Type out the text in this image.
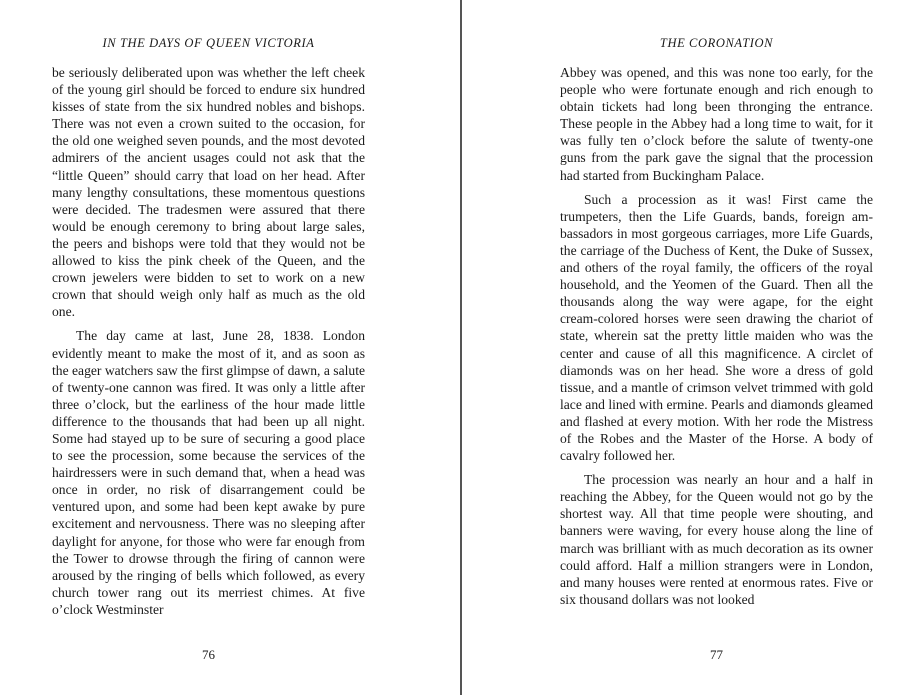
IN THE DAYS OF QUEEN VICTORIA

be seriously deliberated upon was whether the left cheek of the young girl should be forced to endure six hundred kisses of state from the six hundred nobles and bishops. There was not even a crown suited to the occasion, for the old one weighed seven pounds, and the most devoted admirers of the ancient usages could not ask that the “little Queen” should carry that load on her head. After many lengthy consultations, these momentous questions were decided. The tradesmen were assured that there would be enough ceremony to bring about large sales, the peers and bishops were told that they would not be allowed to kiss the pink cheek of the Queen, and the crown jewelers were bidden to set to work on a new crown that should weigh only half as much as the old one.

The day came at last, June 28, 1838. London evidently meant to make the most of it, and as soon as the eager watchers saw the first glimpse of dawn, a salute of twenty-one cannon was fired. It was only a little after three o’clock, but the earliness of the hour made little difference to the thousands that had been up all night. Some had stayed up to be sure of securing a good place to see the procession, some because the services of the hairdressers were in such demand that, when a head was once in order, no risk of disarrangement could be ventured upon, and some had been kept awake by pure excitement and nervousness. There was no sleeping after daylight for anyone, for those who were far enough from the Tower to drowse through the firing of cannon were aroused by the ringing of bells which followed, as every church tower rang out its merriest chimes. At five o’clock Westminster

76
THE CORONATION

Abbey was opened, and this was none too early, for the people who were fortunate enough and rich enough to obtain tickets had long been thronging the entrance. These people in the Abbey had a long time to wait, for it was fully ten o’clock before the salute of twenty-one guns from the park gave the signal that the procession had started from Buckingham Palace.

Such a procession as it was! First came the trumpeters, then the Life Guards, bands, foreign ambassadors in most gorgeous carriages, more Life Guards, the carriage of the Duchess of Kent, the Duke of Sussex, and others of the royal family, the officers of the royal household, and the Yeomen of the Guard. Then all the thousands along the way were agape, for the eight cream-colored horses were seen drawing the chariot of state, wherein sat the pretty little maiden who was the center and cause of all this magnificence. A circlet of diamonds was on her head. She wore a dress of gold tissue, and a mantle of crimson velvet trimmed with gold lace and lined with ermine. Pearls and diamonds gleamed and flashed at every motion. With her rode the Mistress of the Robes and the Master of the Horse. A body of cavalry followed her.

The procession was nearly an hour and a half in reaching the Abbey, for the Queen would not go by the shortest way. All that time people were shouting, and banners were waving, for every house along the line of march was brilliant with as much decoration as its owner could afford. Half a million strangers were in London, and many houses were rented at enormous rates. Five or six thousand dollars was not looked

77
